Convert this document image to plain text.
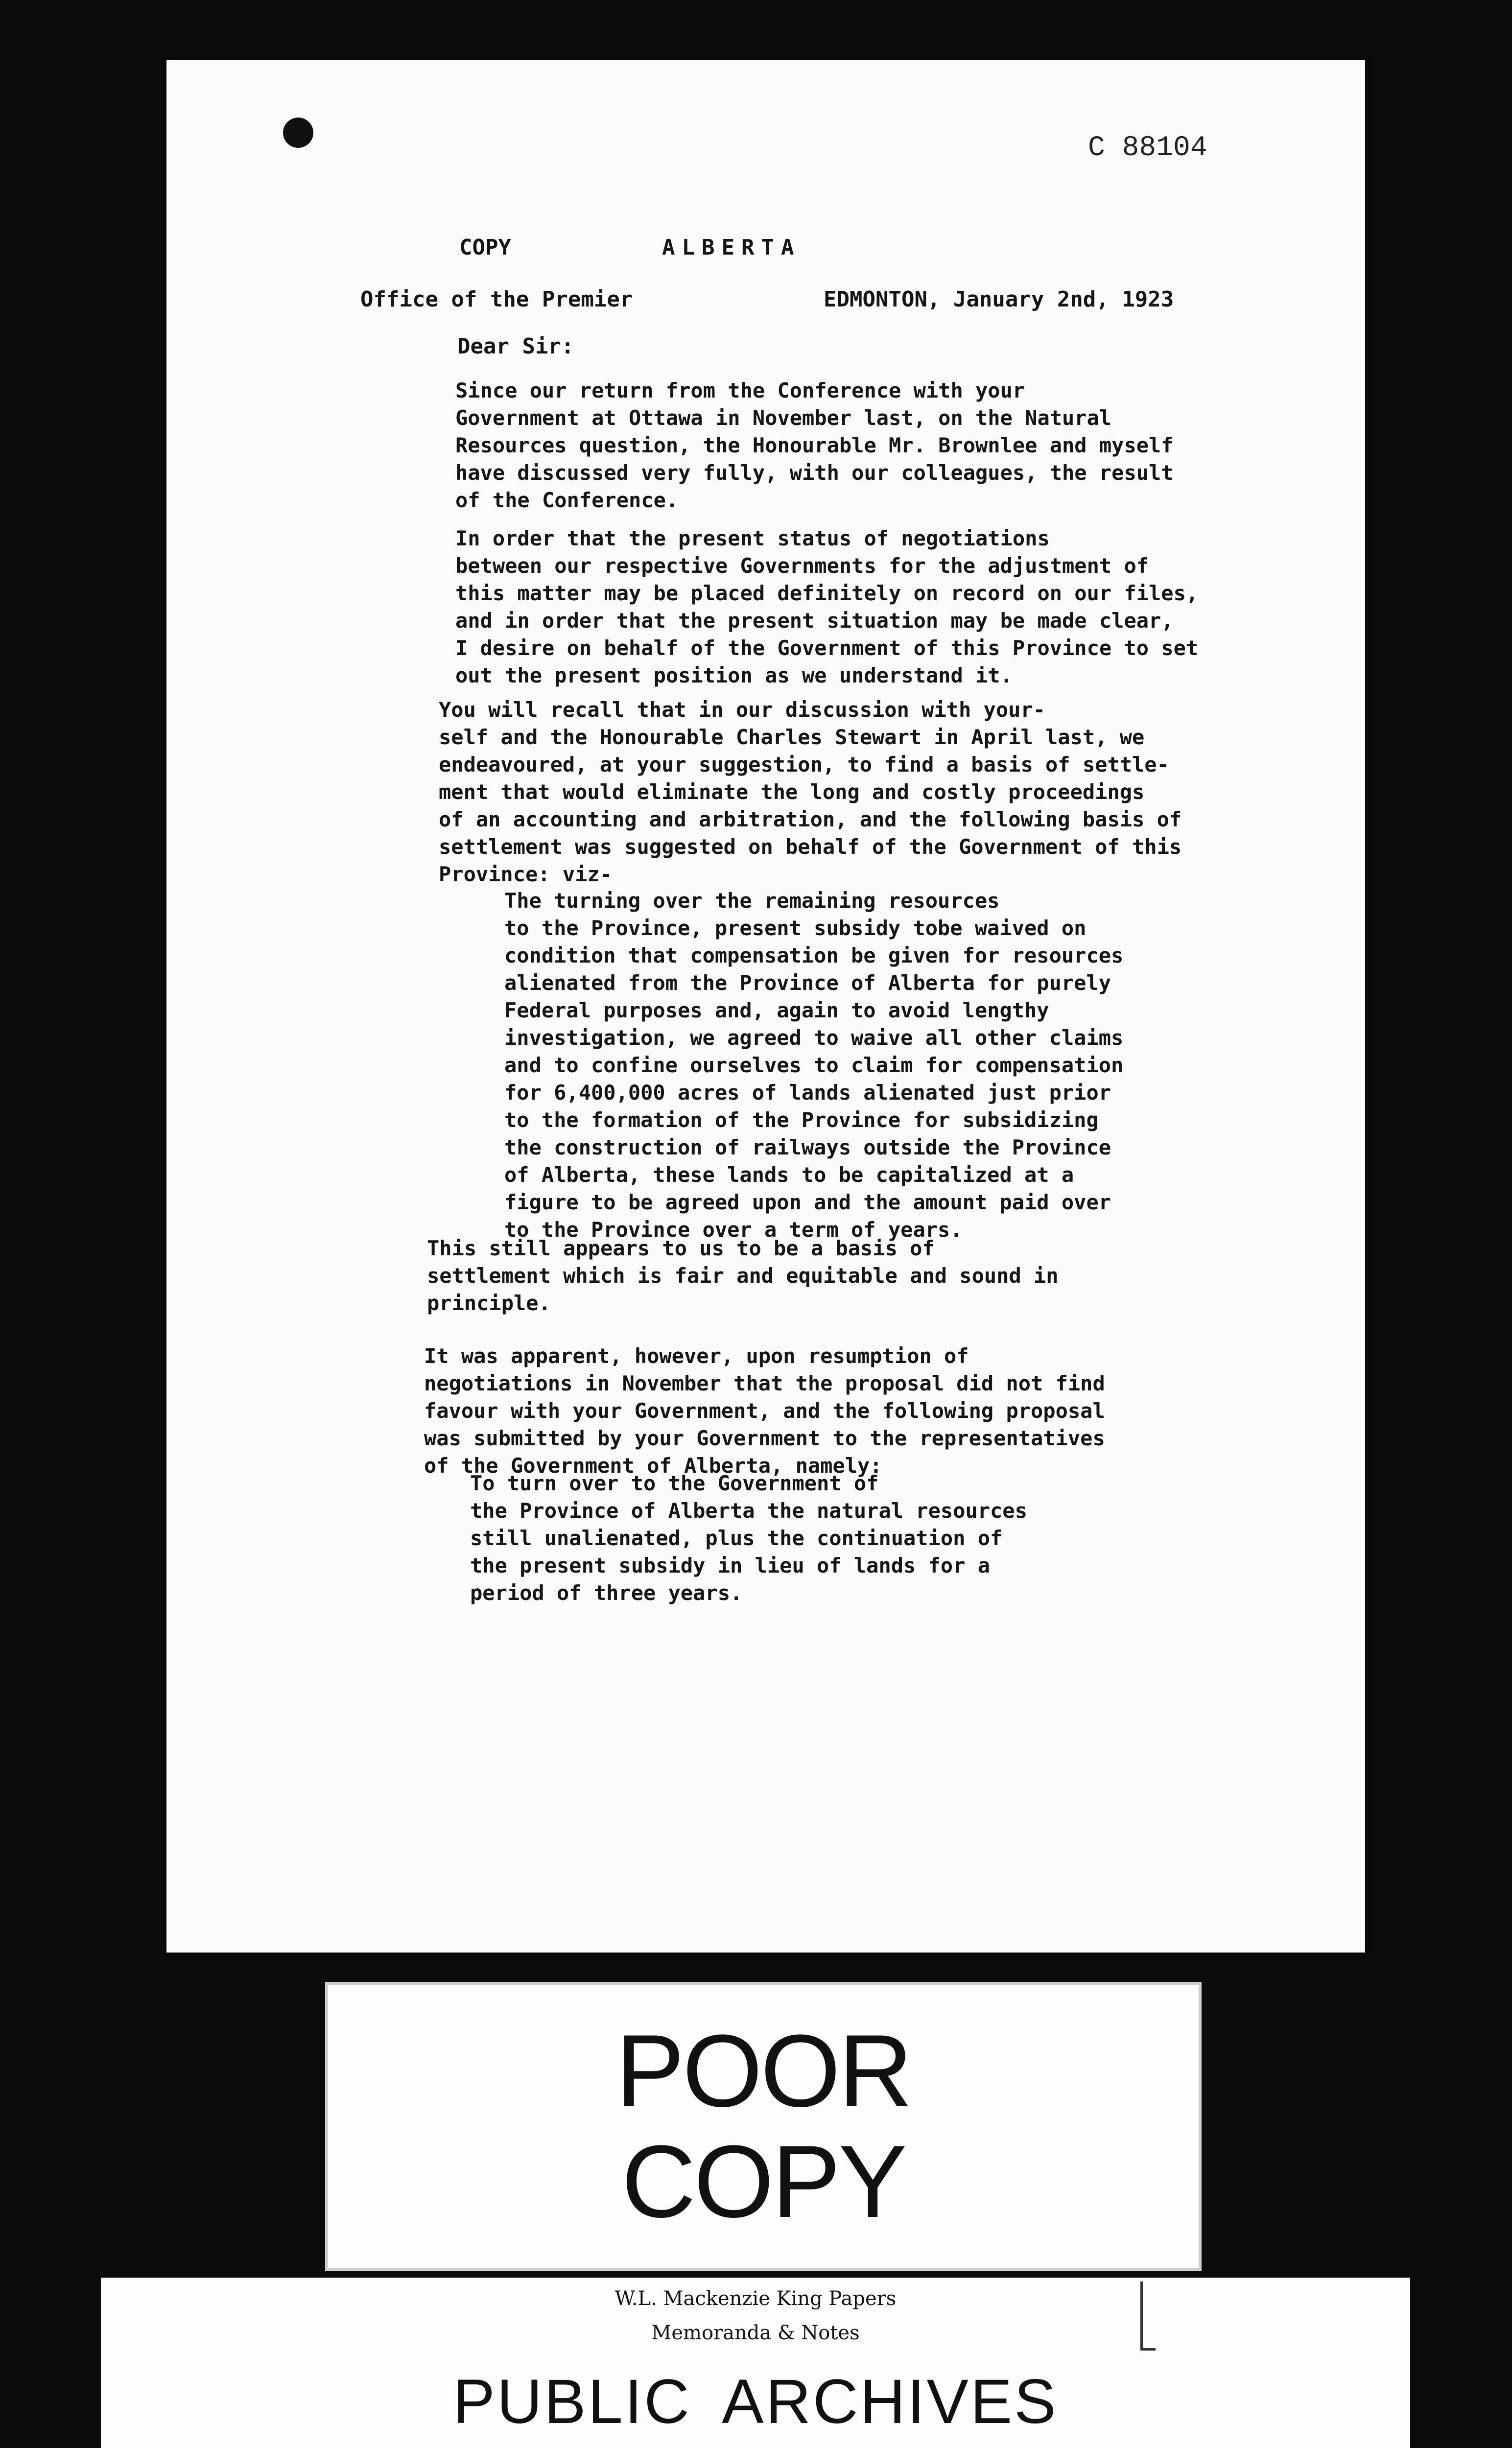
C 88104
COPY	ALBERTA
Office of the Premier	EDMONTON, January 2nd, 1923
Dear Sir:

Since our return from the Conference with your
Government at Ottawa in November last, on the Natural
Resources question, the Honourable Mr. Brownlee and myself
have discussed very fully, with our colleagues, the result
of the Conference.

In order that the present status of negotiations
between our respective Governments for the adjustment of
this matter may be placed definitely on record on our files,
and in order that the present situation may be made clear,
I desire on behalf of the Government of this Province to set
out the present position as we understand it.

You will recall that in our discussion with your-
self and the Honourable Charles Stewart in April last, we
endeavoured, at your suggestion, to find a basis of settle-
ment that would eliminate the long and costly proceedings
of an accounting and arbitration, and the following basis of
settlement was suggested on behalf of the Government of this
Province: viz-

The turning over the remaining resources
to the Province, present subsidy tobe waived on
condition that compensation be given for resources
alienated from the Province of Alberta for purely
Federal purposes and, again to avoid lengthy
investigation, we agreed to waive all other claims
and to confine ourselves to claim for compensation
for 6,400,000 acres of lands alienated just prior
to the formation of the Province for subsidizing
the construction of railways outside the Province
of Alberta, these lands to be capitalized at a
figure to be agreed upon and the amount paid over
to the Province over a term of years.

This still appears to us to be a basis of
settlement which is fair and equitable and sound in
principle.

It was apparent, however, upon resumption of
negotiations in November that the proposal did not find
favour with your Government, and the following proposal
was submitted by your Government to the representatives
of the Government of Alberta, namely:

To turn over to the Government of
the Province of Alberta the natural resources
still unalienated, plus the continuation of
the present subsidy in lieu of lands for a
period of three years.

POOR
COPY
W.L. Mackenzie King Papers
Memoranda & Notes
PUBLIC ARCHIVES
